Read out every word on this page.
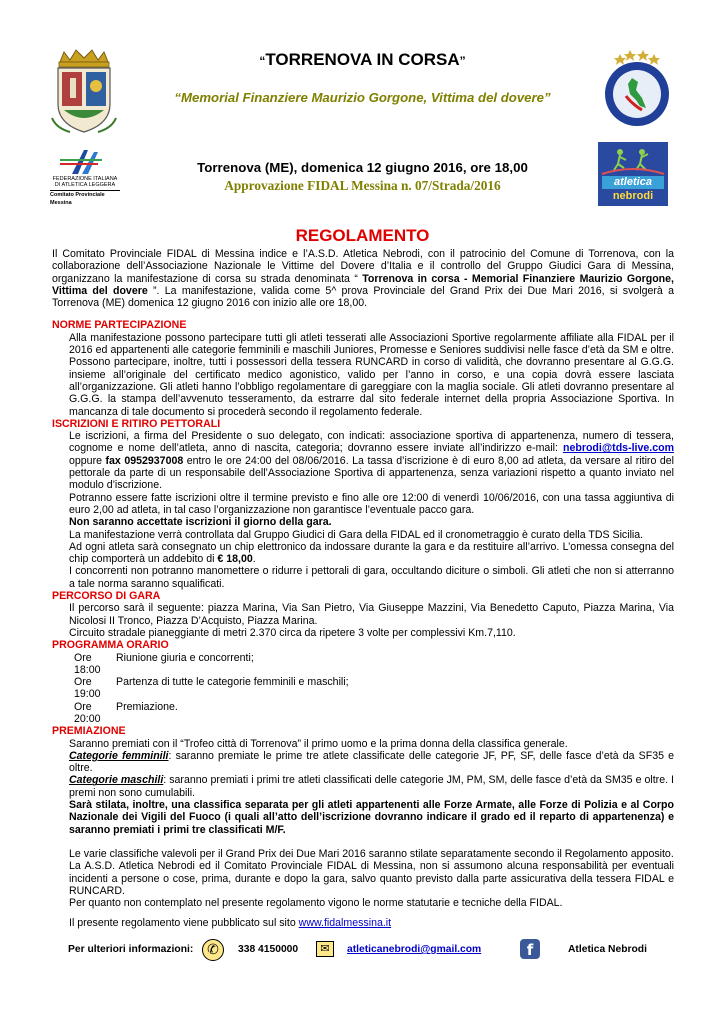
FEDERAZIONE ITALIANA
DI ATLETICA LEGGERA
Comitato Provinciale Messina
atletica
nebrodi
“TORRENOVA IN CORSA”
“Memorial Finanziere Maurizio Gorgone, Vittima del dovere”
Torrenova (ME), domenica 12 giugno 2016, ore 18,00
Approvazione FIDAL Messina n. 07/Strada/2016
REGOLAMENTO

Il Comitato Provinciale FIDAL di Messina indice e l’A.S.D. Atletica Nebrodi, con il patrocinio del Comune di Torrenova, con la collaborazione dell’Associazione Nazionale le Vittime del Dovere d’Italia e il controllo del Gruppo Giudici Gara di Messina, organizzano la manifestazione di corsa su strada denominata “ Torrenova in corsa - Memorial Finanziere Maurizio Gorgone, Vittima del dovere ”. La manifestazione, valida come 5^ prova Provinciale del Grand Prix dei Due Mari 2016, si svolgerà a Torrenova (ME) domenica 12 giugno 2016 con inizio alle ore 18,00.

NORME PARTECIPAZIONE

Alla manifestazione possono partecipare tutti gli atleti tesserati alle Associazioni Sportive regolarmente affiliate alla FIDAL per il 2016 ed appartenenti alle categorie femminili e maschili Juniores, Promesse e Seniores suddivisi nelle fasce d’età da SM e oltre. Possono partecipare, inoltre, tutti i possessori della tessera RUNCARD in corso di validità, che dovranno presentare al G.G.G. insieme all’originale del certificato medico agonistico, valido per l’anno in corso, e una copia dovrà essere lasciata all’organizzazione. Gli atleti hanno l’obbligo regolamentare di gareggiare con la maglia sociale. Gli atleti dovranno presentare al G.G.G. la stampa dell’avvenuto tesseramento, da estrarre dal sito federale internet della propria Associazione Sportiva. In mancanza di tale documento si procederà secondo il regolamento federale.

ISCRIZIONI E RITIRO PETTORALI

Le iscrizioni, a firma del Presidente o suo delegato, con indicati: associazione sportiva di appartenenza, numero di tessera, cognome e nome dell’atleta, anno di nascita, categoria; dovranno essere inviate all’indirizzo e-mail: nebrodi@tds-live.com oppure fax 0952937008 entro le ore 24:00 del 08/06/2016. La tassa d’iscrizione è di euro 8,00 ad atleta, da versare al ritiro del pettorale da parte di un responsabile dell’Associazione Sportiva di appartenenza, senza variazioni rispetto a quanto inviato nel modulo d’iscrizione.

Potranno essere fatte iscrizioni oltre il termine previsto e fino alle ore 12:00 di venerdì 10/06/2016, con una tassa aggiuntiva di euro 2,00 ad atleta, in tal caso l’organizzazione non garantisce l’eventuale pacco gara.

Non saranno accettate iscrizioni il giorno della gara.

La manifestazione verrà controllata dal Gruppo Giudici di Gara della FIDAL ed il cronometraggio è curato della TDS Sicilia.

Ad ogni atleta sarà consegnato un chip elettronico da indossare durante la gara e da restituire all’arrivo. L’omessa consegna del chip comporterà un addebito di € 18,00.

I concorrenti non potranno manomettere o ridurre i pettorali di gara, occultando diciture o simboli. Gli atleti che non si atterranno a tale norma saranno squalificati.

PERCORSO DI GARA

Il percorso sarà il seguente: piazza Marina, Via San Pietro, Via Giuseppe Mazzini, Via Benedetto Caputo, Piazza Marina, Via Nicolosi II Tronco, Piazza D’Acquisto, Piazza Marina.

Circuito stradale pianeggiante di metri 2.370 circa da ripetere 3 volte per complessivi Km.7,110.

PROGRAMMA ORARIO

Ore 18:00
Riunione giuria e concorrenti;
Ore 19:00
Partenza di tutte le categorie femminili e maschili;
Ore 20:00
Premiazione.

PREMIAZIONE

Saranno premiati con il “Trofeo città di Torrenova” il primo uomo e la prima donna della classifica generale.

Categorie femminili: saranno premiate le prime tre atlete classificate delle categorie JF, PF, SF, delle fasce d’età da SF35 e oltre.

Categorie maschili: saranno premiati i primi tre atleti classificati delle categorie JM, PM, SM, delle fasce d’età da SM35 e oltre. I premi non sono cumulabili.

Sarà stilata, inoltre, una classifica separata per gli atleti appartenenti alle Forze Armate, alle Forze di Polizia e al Corpo Nazionale dei Vigili del Fuoco (i quali all’atto dell’iscrizione dovranno indicare il grado ed il reparto di appartenenza) e saranno premiati i primi tre classificati M/F.

Le varie classifiche valevoli per il Grand Prix dei Due Mari 2016 saranno stilate separatamente secondo il Regolamento apposito.

La A.S.D. Atletica Nebrodi ed il Comitato Provinciale FIDAL di Messina, non si assumono alcuna responsabilità per eventuali incidenti a persone o cose, prima, durante e dopo la gara, salvo quanto previsto dalla parte assicurativa della tessera FIDAL e RUNCARD.

Per quanto non contemplato nel presente regolamento vigono le norme statutarie e tecniche della FIDAL.

Il presente regolamento viene pubblicato sul sito www.fidalmessina.it

Per ulteriori informazioni: ✆	338 4150000	✉	atleticanebrodi@gmail.com	f	Atletica Nebrodi
